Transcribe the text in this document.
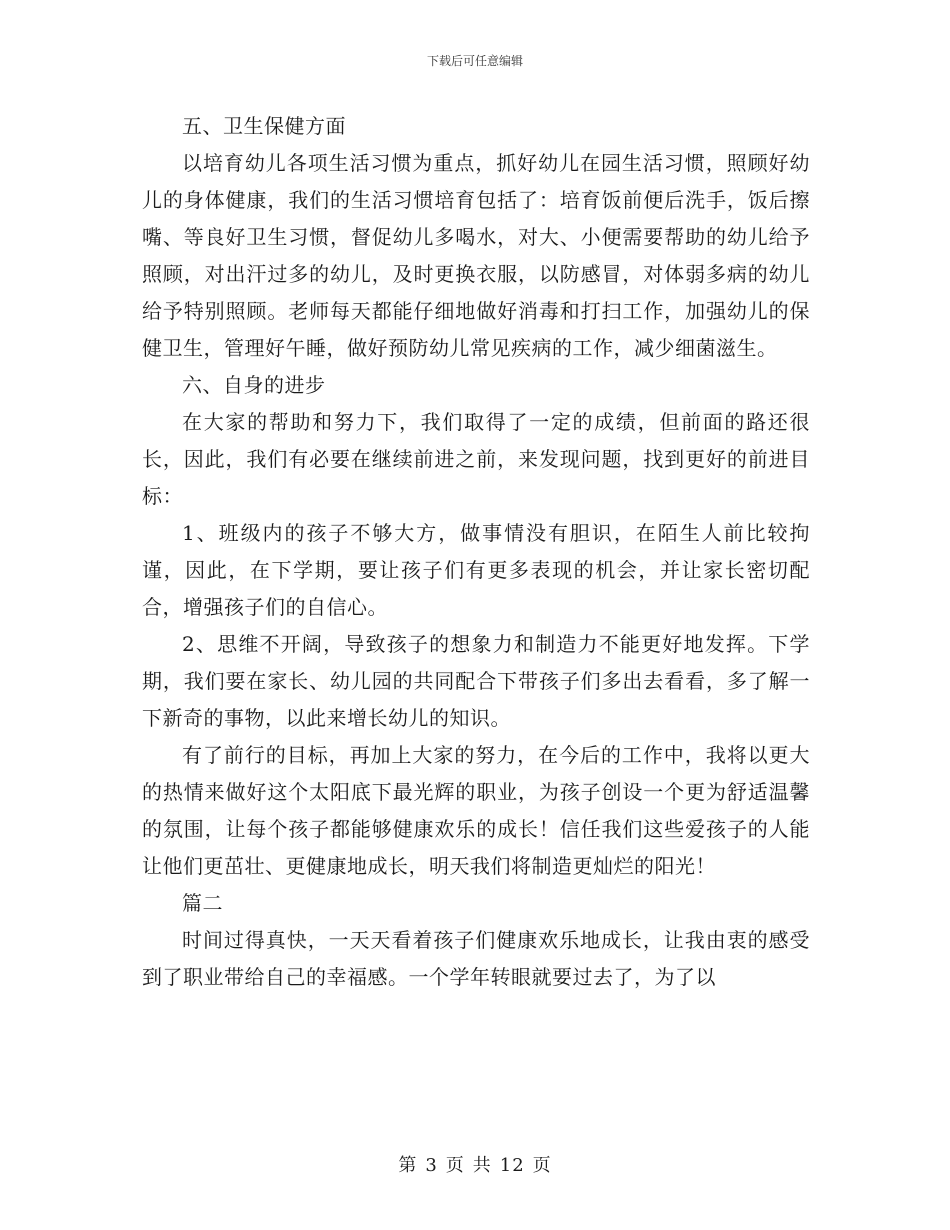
下载后可任意编辑

五、卫生保健方面

以培育幼儿各项生活习惯为重点，抓好幼儿在园生活习惯，照顾好幼儿的身体健康，我们的生活习惯培育包括了：培育饭前便后洗手，饭后擦嘴、等良好卫生习惯，督促幼儿多喝水，对大、小便需要帮助的幼儿给予照顾，对出汗过多的幼儿，及时更换衣服，以防感冒，对体弱多病的幼儿给予特别照顾。老师每天都能仔细地做好消毒和打扫工作，加强幼儿的保健卫生，管理好午睡，做好预防幼儿常见疾病的工作，减少细菌滋生。

六、自身的进步

在大家的帮助和努力下，我们取得了一定的成绩，但前面的路还很长，因此，我们有必要在继续前进之前，来发现问题，找到更好的前进目标：

1、班级内的孩子不够大方，做事情没有胆识，在陌生人前比较拘谨，因此，在下学期，要让孩子们有更多表现的机会，并让家长密切配合，增强孩子们的自信心。

2、思维不开阔，导致孩子的想象力和制造力不能更好地发挥。下学期，我们要在家长、幼儿园的共同配合下带孩子们多出去看看，多了解一下新奇的事物，以此来增长幼儿的知识。

有了前行的目标，再加上大家的努力，在今后的工作中，我将以更大的热情来做好这个太阳底下最光辉的职业，为孩子创设一个更为舒适温馨的氛围，让每个孩子都能够健康欢乐的成长！信任我们这些爱孩子的人能让他们更茁壮、更健康地成长，明天我们将制造更灿烂的阳光！

篇二

时间过得真快，一天天看着孩子们健康欢乐地成长，让我由衷的感受到了职业带给自己的幸福感。一个学年转眼就要过去了，为了以

第 3 页 共 12 页
